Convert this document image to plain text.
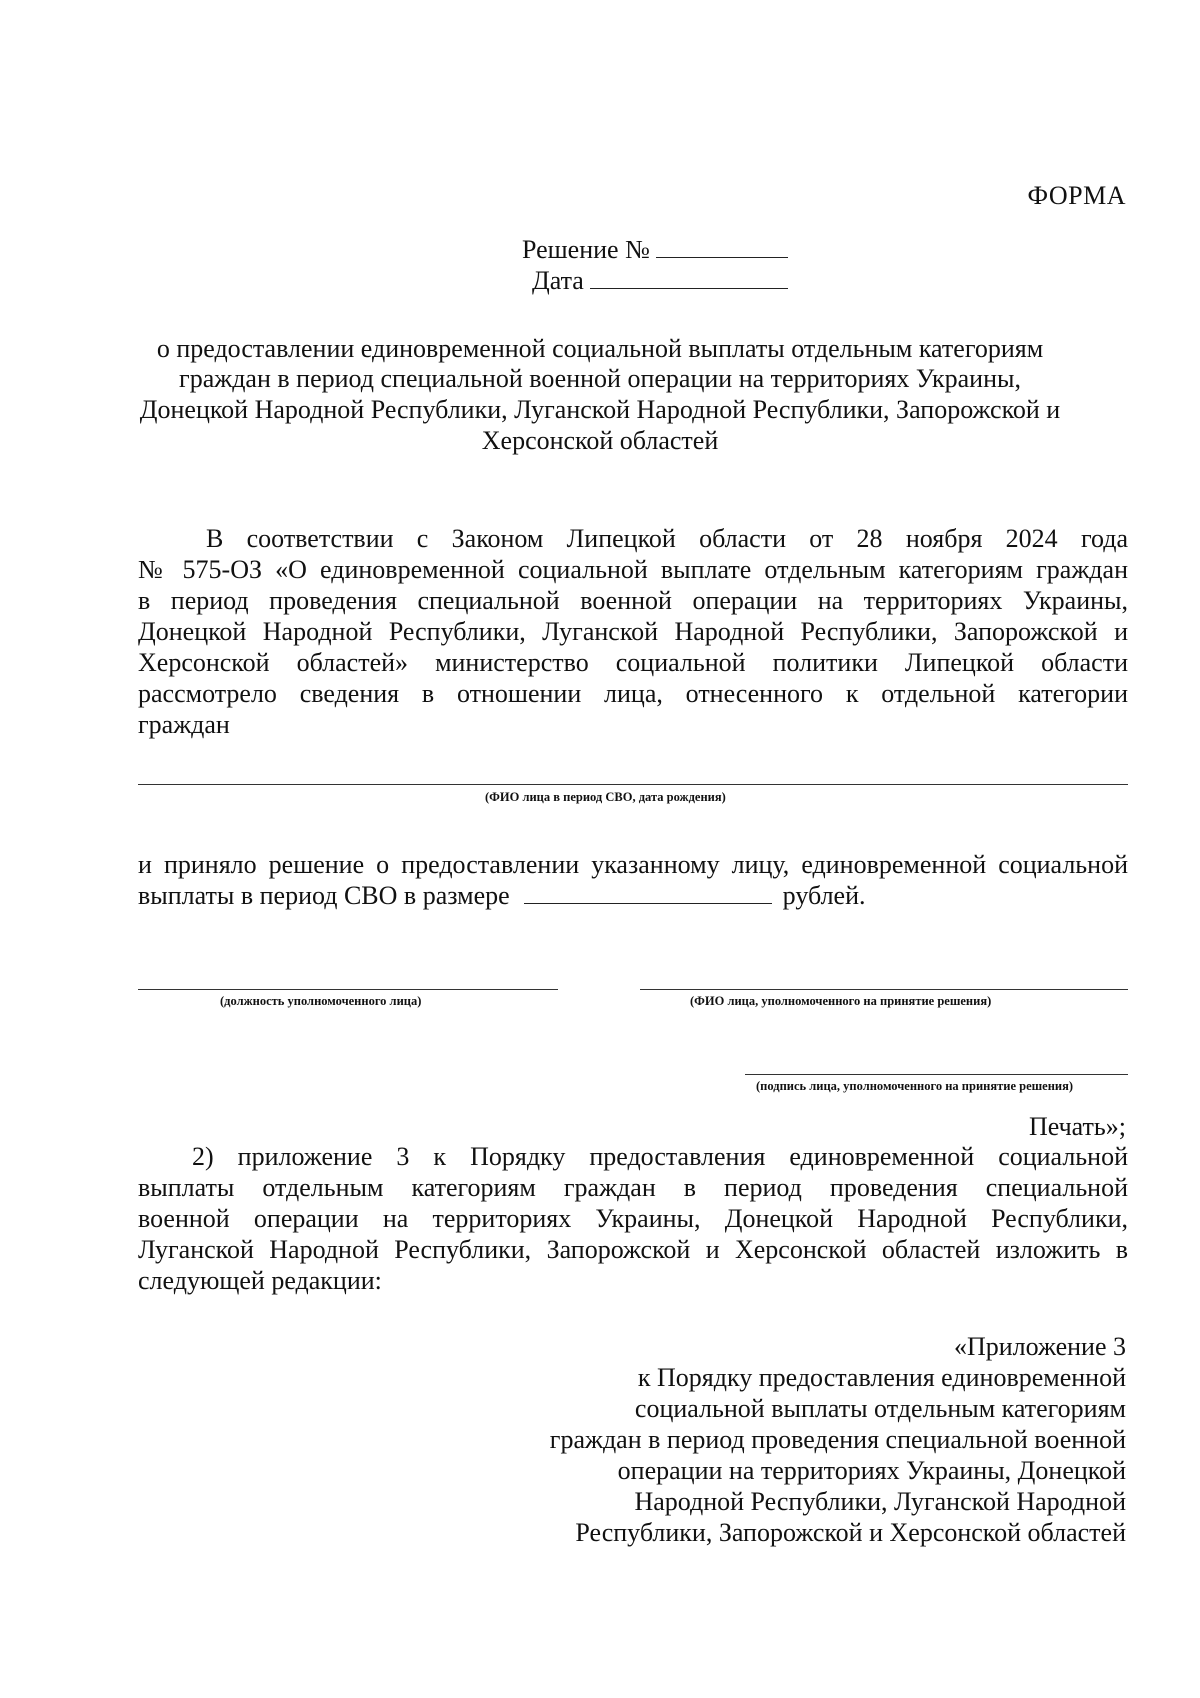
ФОРМА
Решение №
Дата
о предоставлении единовременной социальной выплаты отдельным категориям
граждан в период специальной военной операции на территориях Украины,
Донецкой Народной Республики, Луганской Народной Республики, Запорожской и
Херсонской областей
В соответствии с Законом Липецкой области от 28 ноября 2024 года
№ 575-ОЗ «О единовременной социальной выплате отдельным категориям граждан
в период проведения специальной военной операции на территориях Украины,
Донецкой Народной Республики, Луганской Народной Республики, Запорожской и
Херсонской областей» министерство социальной политики Липецкой области
рассмотрело сведения в отношении лица, отнесенного к отдельной категории
граждан
(ФИО лица в период СВО, дата рождения)
и приняло решение о предоставлении указанному лицу, единовременной социальной
выплаты в период СВО в размере	рублей.
(должность уполномоченного лица)	(ФИО лица, уполномоченного на принятие решения)
(подпись лица, уполномоченного на принятие решения)
Печать»;
2) приложение 3 к Порядку предоставления единовременной социальной
выплаты отдельным категориям граждан в период проведения специальной
военной операции на территориях Украины, Донецкой Народной Республики,
Луганской Народной Республики, Запорожской и Херсонской областей изложить в
следующей редакции:
«Приложение 3
к Порядку предоставления единовременной
социальной выплаты отдельным категориям
граждан в период проведения специальной военной
операции на территориях Украины, Донецкой
Народной Республики, Луганской Народной
Республики, Запорожской и Херсонской областей
